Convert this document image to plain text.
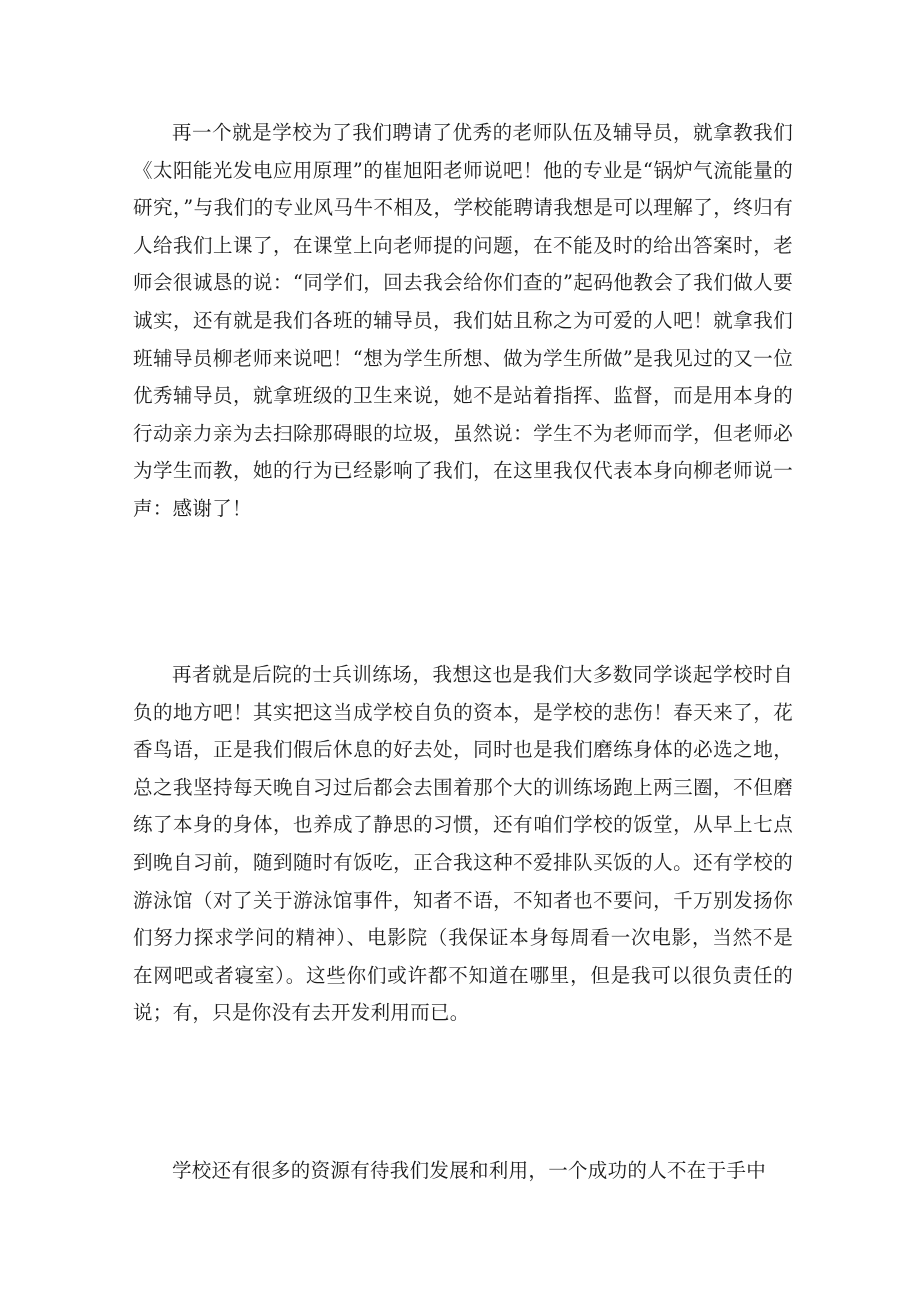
再一个就是学校为了我们聘请了优秀的老师队伍及辅导员，就拿教我们《太阳能光发电应用原理”的崔旭阳老师说吧！他的专业是“锅炉气流能量的研究，”与我们的专业风马牛不相及，学校能聘请我想是可以理解了，终归有人给我们上课了，在课堂上向老师提的问题，在不能及时的给出答案时，老师会很诚恳的说：“同学们，回去我会给你们查的”起码他教会了我们做人要诚实，还有就是我们各班的辅导员，我们姑且称之为可爱的人吧！就拿我们班辅导员柳老师来说吧！“想为学生所想、做为学生所做”是我见过的又一位优秀辅导员，就拿班级的卫生来说，她不是站着指挥、监督，而是用本身的行动亲力亲为去扫除那碍眼的垃圾，虽然说：学生不为老师而学，但老师必为学生而教，她的行为已经影响了我们，在这里我仅代表本身向柳老师说一声：感谢了！

再者就是后院的士兵训练场，我想这也是我们大多数同学谈起学校时自负的地方吧！其实把这当成学校自负的资本，是学校的悲伤！春天来了，花香鸟语，正是我们假后休息的好去处，同时也是我们磨练身体的必选之地，总之我坚持每天晚自习过后都会去围着那个大的训练场跑上两三圈，不但磨练了本身的身体，也养成了静思的习惯，还有咱们学校的饭堂，从早上七点到晚自习前，随到随时有饭吃，正合我这种不爱排队买饭的人。还有学校的游泳馆（对了关于游泳馆事件，知者不语，不知者也不要问，千万别发扬你们努力探求学问的精神）、电影院（我保证本身每周看一次电影，当然不是在网吧或者寝室）。这些你们或许都不知道在哪里，但是我可以很负责任的说；有，只是你没有去开发利用而已。

学校还有很多的资源有待我们发展和利用，一个成功的人不在于手中
